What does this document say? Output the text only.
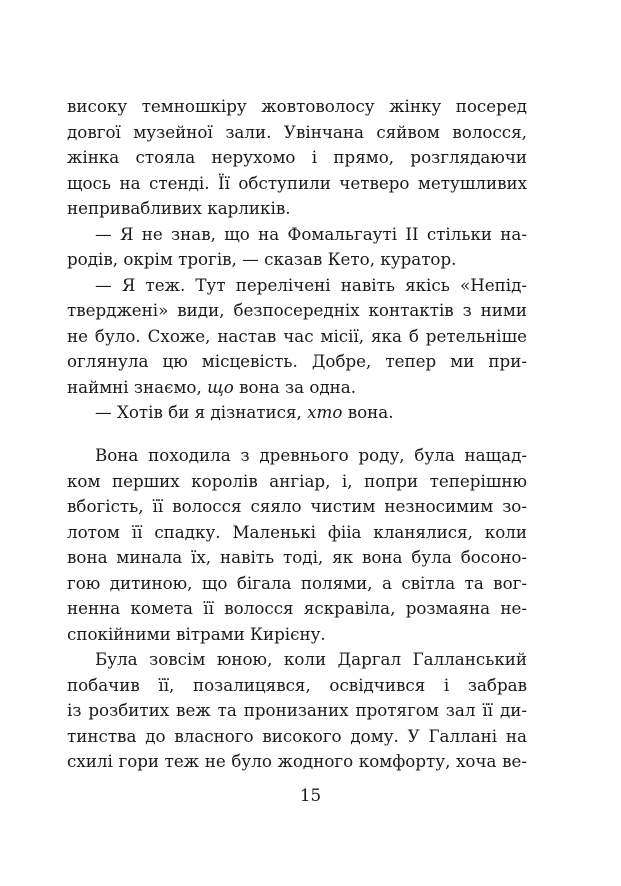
високу темношкіру жовтоволосу жінку посеред
довгої музейної зали. Увінчана сяйвом волосся,
жінка стояла нерухомо і прямо, розглядаючи
щось на стенді. Її обступили четверо метушливих
непривабливих карликів.
— Я не знав, що на Фомальгауті II стільки на-
родів, окрім трогів, — сказав Кето, куратор.
— Я теж. Тут перелічені навіть якісь «Непід-
тверджені» види, безпосередніх контактів з ними
не було. Схоже, настав час місії, яка б ретельніше
оглянула цю місцевість. Добре, тепер ми при-
наймні знаємо, що вона за одна.
— Хотів би я дізнатися, хто вона.
Вона походила з древнього роду, була нащад-
ком перших королів ангіар, і, попри теперішню
вбогість, її волосся сяяло чистим незносимим зо-
лотом її спадку. Маленькі фііа кланялися, коли
вона минала їх, навіть тоді, як вона була босоно-
гою дитиною, що бігала полями, а світла та вог-
ненна комета її волосся яскравіла, розмаяна не-
спокійними вітрами Кирієну.
Була зовсім юною, коли Даргал Галланський
побачив її, позалицявся, освідчився і забрав
із розбитих веж та пронизаних протягом зал її ди-
тинства до власного високого дому. У Галлані на
схилі гори теж не було жодного комфорту, хоча ве-
15
